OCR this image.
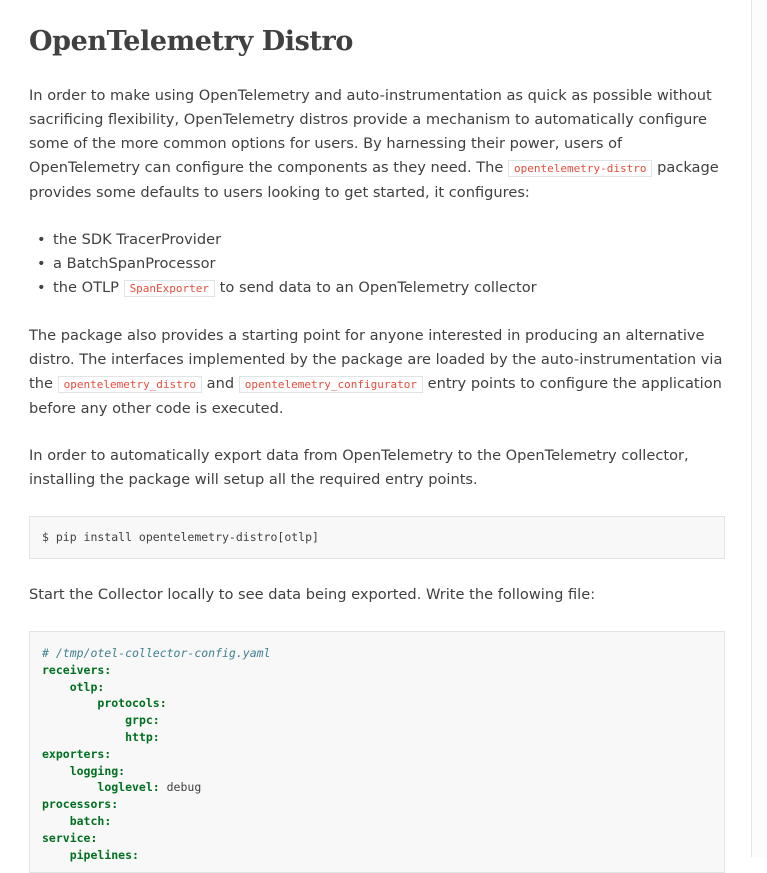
OpenTelemetry Distro

In order to make using OpenTelemetry and auto-instrumentation as quick as possible without sacrificing flexibility, OpenTelemetry distros provide a mechanism to automatically configure some of the more common options for users. By harnessing their power, users of OpenTelemetry can configure the components as they need. The opentelemetry-distro package provides some defaults to users looking to get started, it configures:

• the SDK TracerProvider
• a BatchSpanProcessor
• the OTLP SpanExporter to send data to an OpenTelemetry collector

The package also provides a starting point for anyone interested in producing an alternative distro. The interfaces implemented by the package are loaded by the auto-instrumentation via the opentelemetry_distro and opentelemetry_configurator entry points to configure the application before any other code is executed.

In order to automatically export data from OpenTelemetry to the OpenTelemetry collector, installing the package will setup all the required entry points.

$ pip install opentelemetry-distro[otlp]

Start the Collector locally to see data being exported. Write the following file:

# /tmp/otel-collector-config.yaml
receivers:
otlp:
protocols:
grpc:
http:
exporters:
logging:
loglevel: debug
processors:
batch:
service:
pipelines:
